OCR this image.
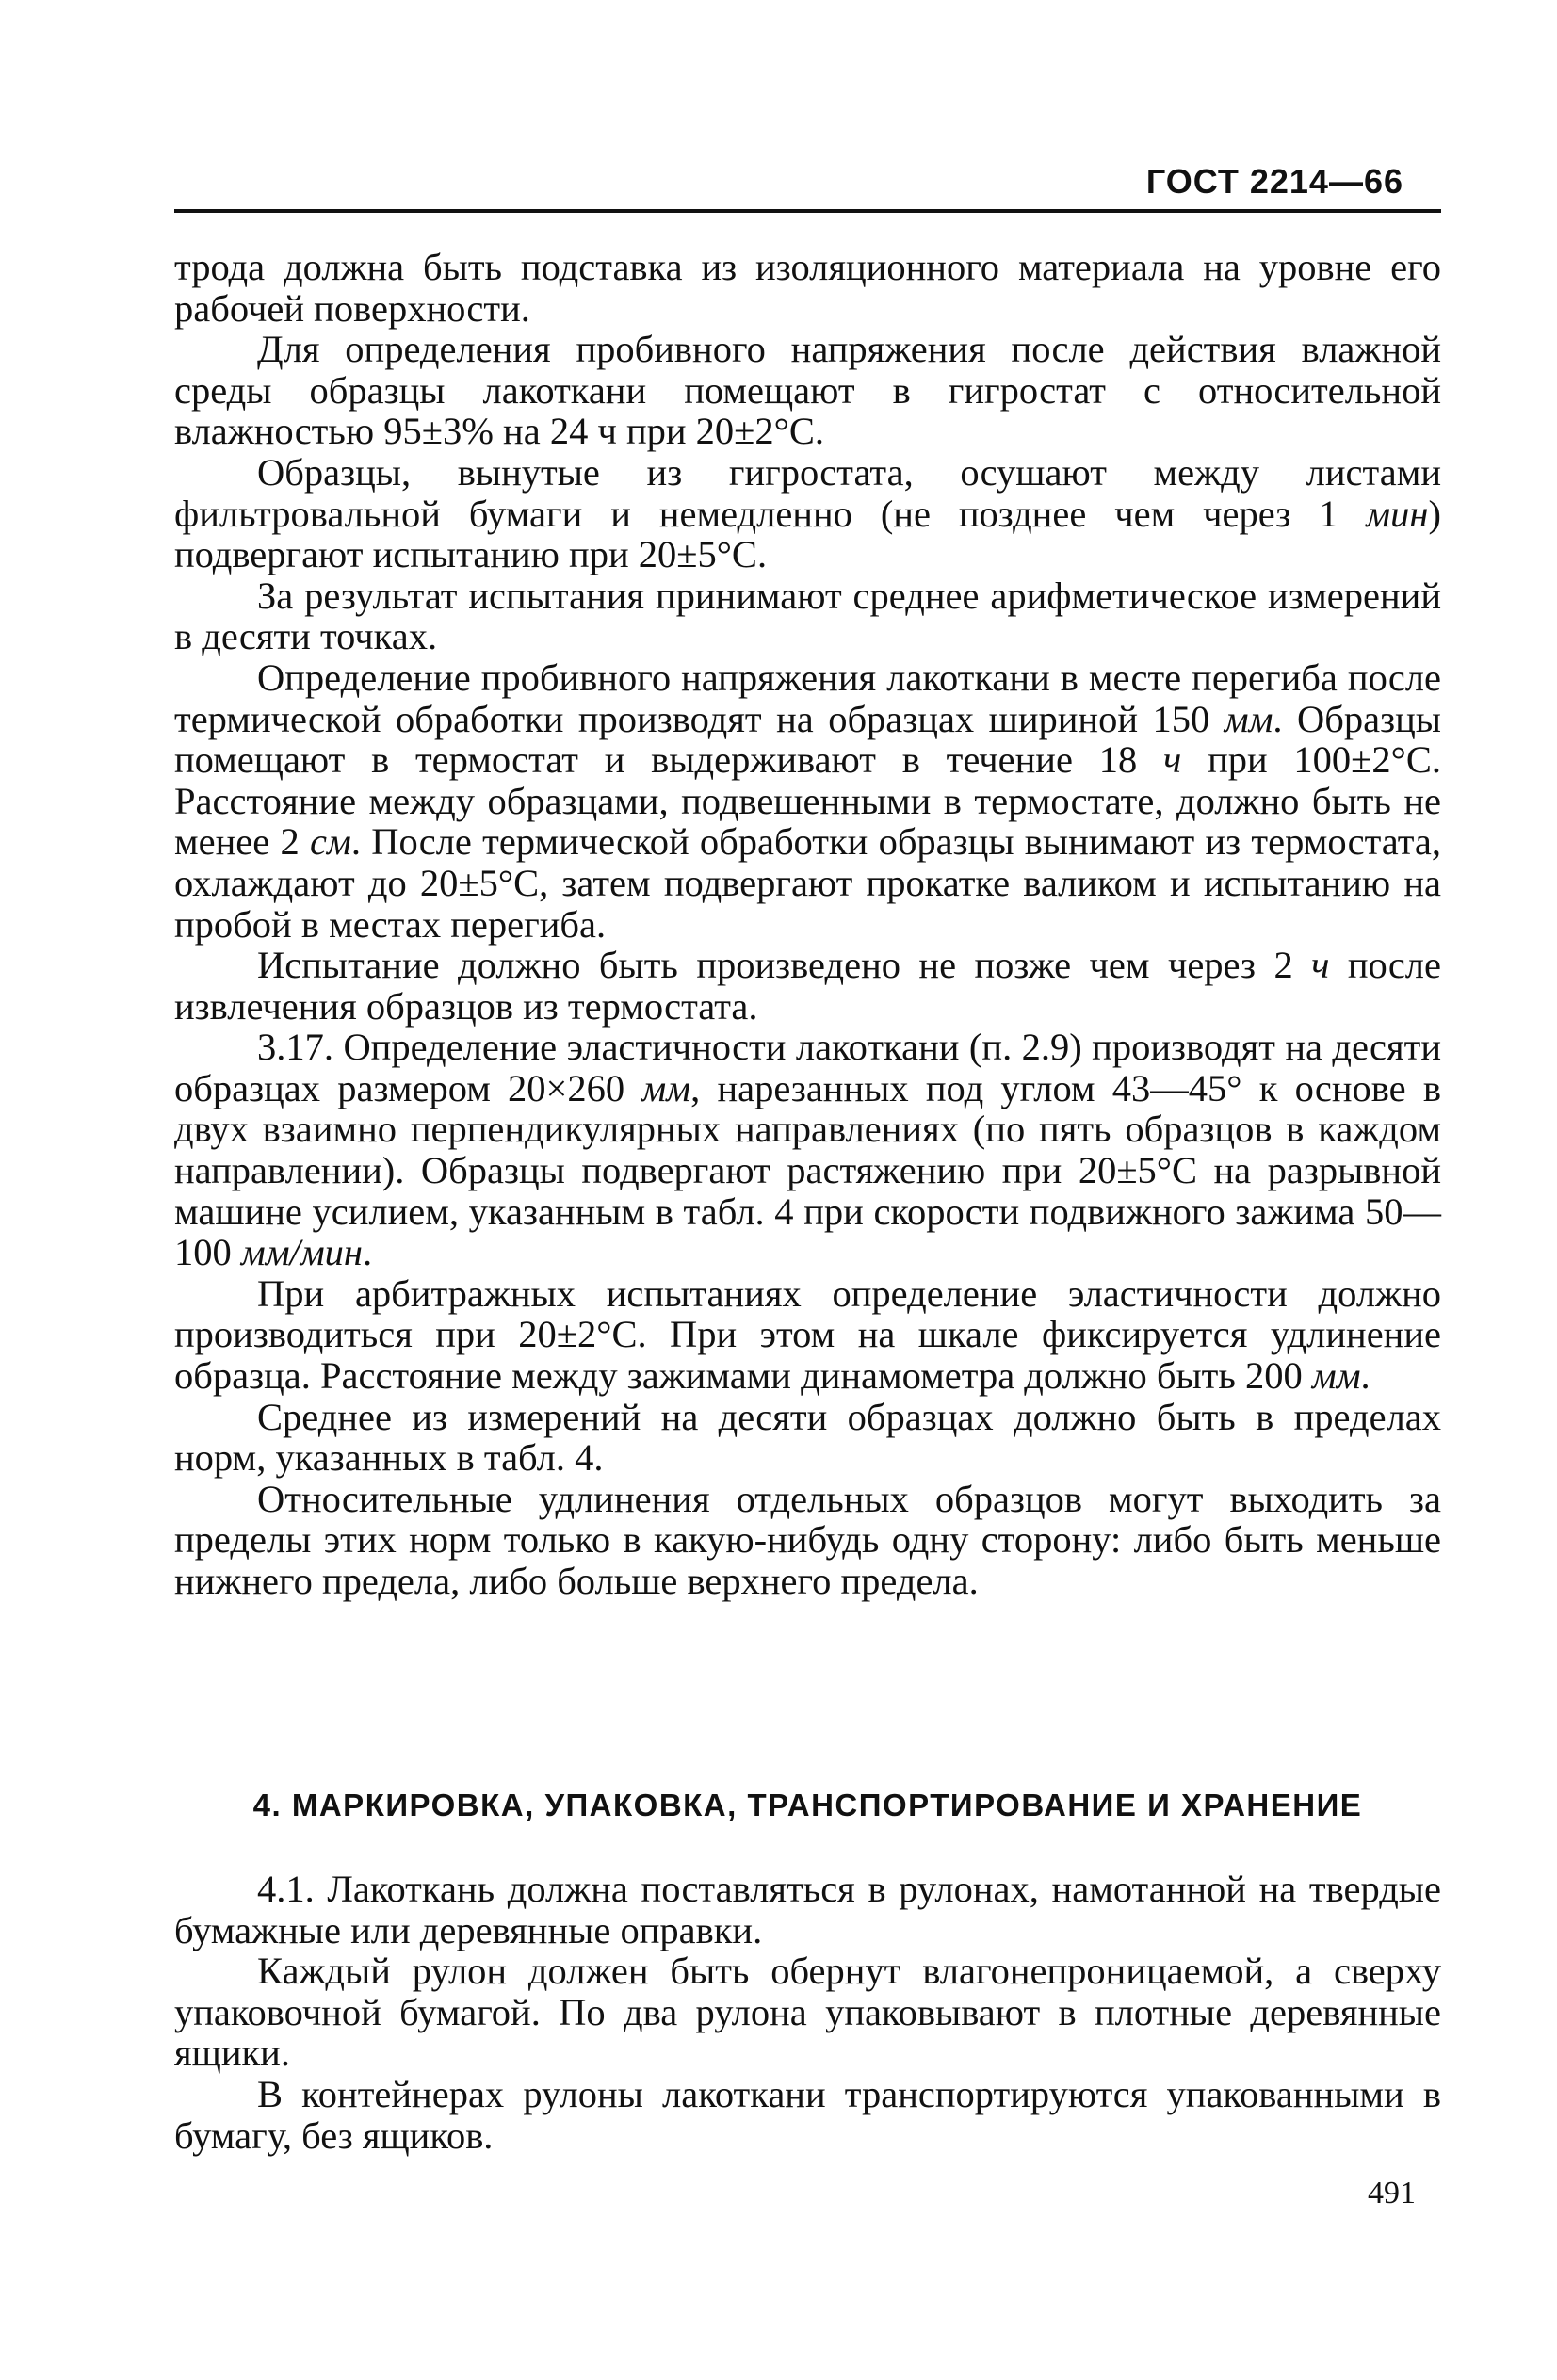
ГОСТ 2214—66

трода должна быть подставка из изоляционного материала на уровне его рабочей поверхности.

Для определения пробивного напряжения после действия влажной среды образцы лакоткани помещают в гигростат с относительной влажностью 95±3% на 24 ч при 20±2°С.

Образцы, вынутые из гигростата, осушают между листами фильтровальной бумаги и немедленно (не позднее чем через 1 мин) подвергают испытанию при 20±5°С.

За результат испытания принимают среднее арифметическое измерений в десяти точках.

Определение пробивного напряжения лакоткани в месте перегиба после термической обработки производят на образцах шириной 150 мм. Образцы помещают в термостат и выдерживают в течение 18 ч при 100±2°С. Расстояние между образцами, подвешенными в термостате, должно быть не менее 2 см. После термической обработки образцы вынимают из термостата, охлаждают до 20±5°С, затем подвергают прокатке валиком и испытанию на пробой в местах перегиба.

Испытание должно быть произведено не позже чем через 2 ч после извлечения образцов из термостата.

3.17. Определение эластичности лакоткани (п. 2.9) производят на десяти образцах размером 20×260 мм, нарезанных под углом 43—45° к основе в двух взаимно перпендикулярных направлениях (по пять образцов в каждом направлении). Образцы подвергают растяжению при 20±5°С на разрывной машине усилием, указанным в табл. 4 при скорости подвижного зажима 50—100 мм/мин.

При арбитражных испытаниях определение эластичности должно производиться при 20±2°С. При этом на шкале фиксируется удлинение образца. Расстояние между зажимами динамометра должно быть 200 мм.

Среднее из измерений на десяти образцах должно быть в пределах норм, указанных в табл. 4.

Относительные удлинения отдельных образцов могут выходить за пределы этих норм только в какую-нибудь одну сторону: либо быть меньше нижнего предела, либо больше верхнего предела.

4. МАРКИРОВКА, УПАКОВКА, ТРАНСПОРТИРОВАНИЕ И ХРАНЕНИЕ

4.1. Лакоткань должна поставляться в рулонах, намотанной на твердые бумажные или деревянные оправки.

Каждый рулон должен быть обернут влагонепроницаемой, а сверху упаковочной бумагой. По два рулона упаковывают в плотные деревянные ящики.

В контейнерах рулоны лакоткани транспортируются упакованными в бумагу, без ящиков.

491
